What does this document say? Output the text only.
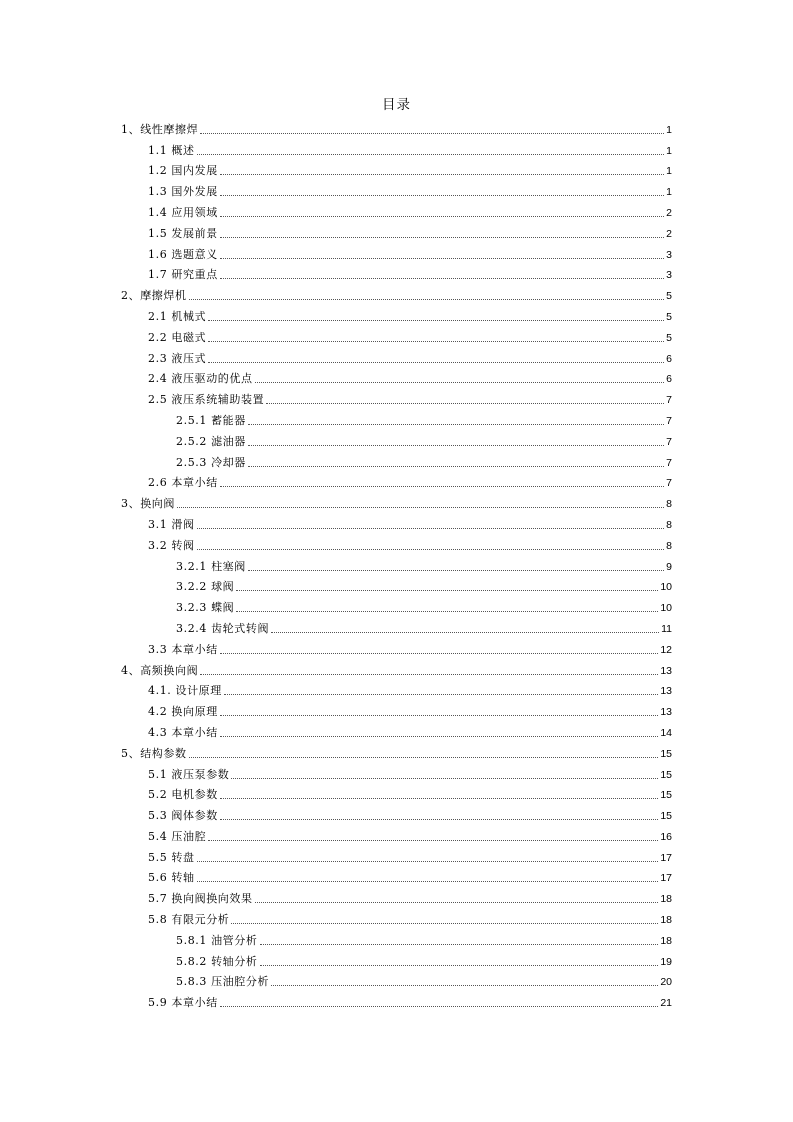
目录
1、线性摩擦焊	1
1.1 概述	1
1.2 国内发展	1
1.3 国外发展	1
1.4 应用领域	2
1.5 发展前景	2
1.6 选题意义	3
1.7 研究重点	3
2、摩擦焊机	5
2.1 机械式	5
2.2 电磁式	5
2.3 液压式	6
2.4 液压驱动的优点	6
2.5 液压系统辅助装置	7
2.5.1 蓄能器	7
2.5.2 滤油器	7
2.5.3 冷却器	7
2.6 本章小结	7
3、换向阀	8
3.1 滑阀	8
3.2 转阀	8
3.2.1 柱塞阀	9
3.2.2 球阀	10
3.2.3 蝶阀	10
3.2.4 齿轮式转阀	11
3.3 本章小结	12
4、高频换向阀	13
4.1. 设计原理	13
4.2 换向原理	13
4.3 本章小结	14
5、结构参数	15
5.1 液压泵参数	15
5.2 电机参数	15
5.3 阀体参数	15
5.4 压油腔	16
5.5 转盘	17
5.6 转轴	17
5.7 换向阀换向效果	18
5.8 有限元分析	18
5.8.1 油管分析	18
5.8.2 转轴分析	19
5.8.3 压油腔分析	20
5.9 本章小结	21
